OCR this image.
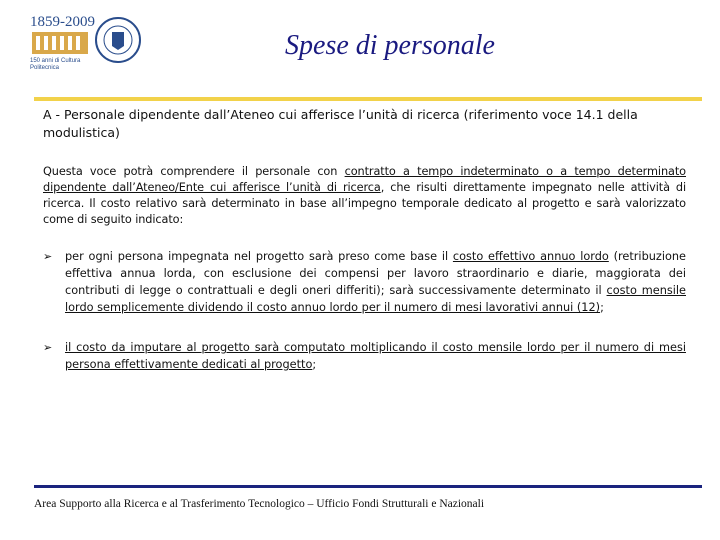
1859-2009
150 anni di Cultura
Politecnica
Spese di personale

A - Personale dipendente dall’Ateneo cui afferisce l’unità di ricerca (riferimento voce 14.1 della modulistica)

Questa voce potrà comprendere il personale con contratto a tempo indeterminato o a tempo determinato dipendente dall’Ateneo/Ente cui afferisce l’unità di ricerca, che risulti direttamente impegnato nelle attività di ricerca. Il costo relativo sarà determinato in base all’impegno temporale dedicato al progetto e sarà valorizzato come di seguito indicato:

➢ per ogni persona impegnata nel progetto sarà preso come base il costo effettivo annuo lordo (retribuzione effettiva annua lorda, con esclusione dei compensi per lavoro straordinario e diarie, maggiorata dei contributi di legge o contrattuali e degli oneri differiti); sarà successivamente determinato il costo mensile lordo semplicemente dividendo il costo annuo lordo per il numero di mesi lavorativi annui (12);

➢ il costo da imputare al progetto sarà computato moltiplicando il costo mensile lordo per il numero di mesi persona effettivamente dedicati al progetto;

Area Supporto alla Ricerca e al Trasferimento Tecnologico – Ufficio Fondi Strutturali e Nazionali
